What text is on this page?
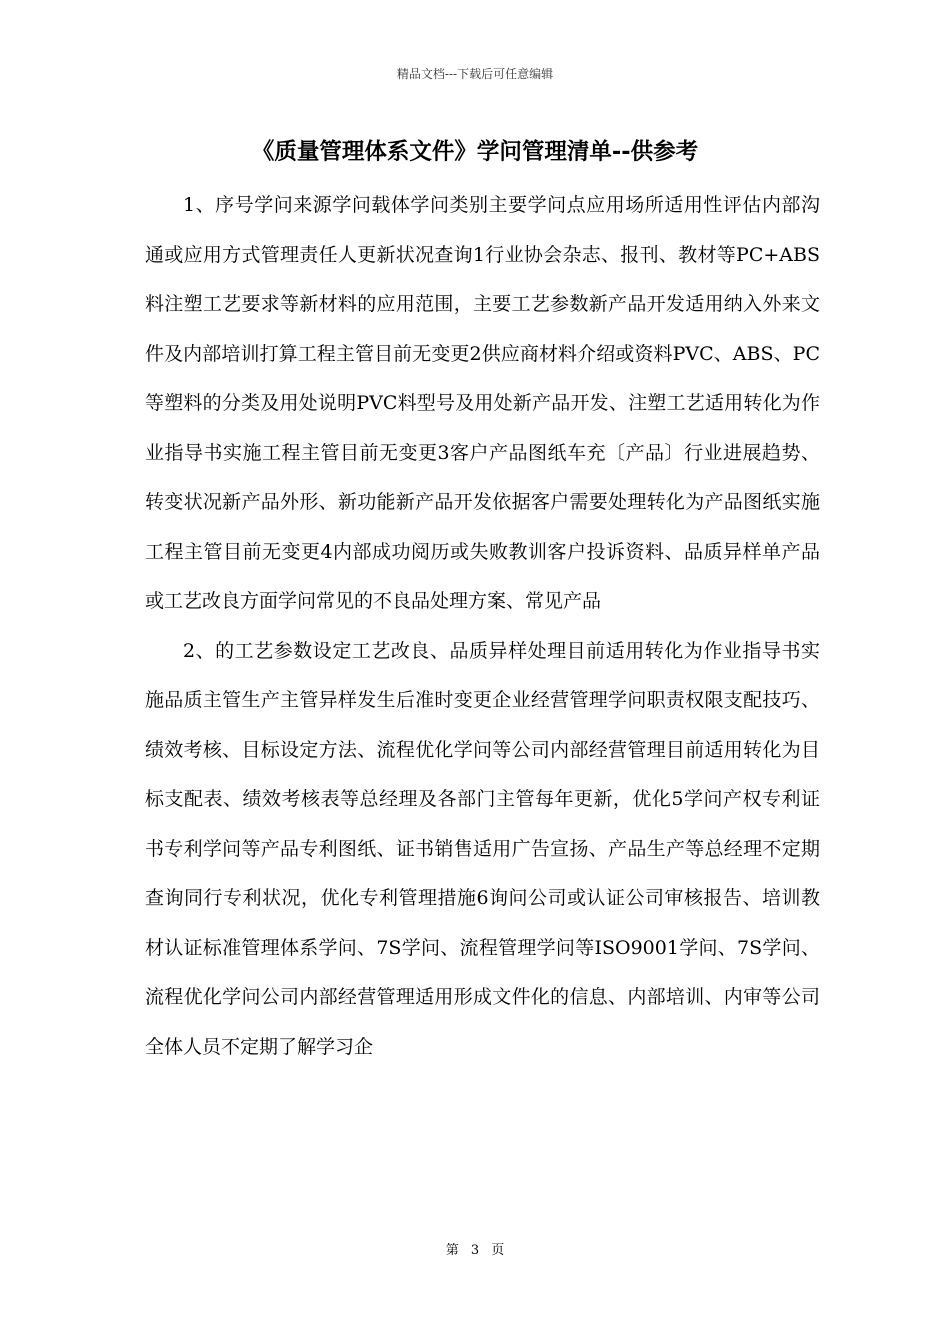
精品文档---下载后可任意编辑
《质量管理体系文件》学问管理清单--供参考

1、序号学问来源学问载体学问类别主要学问点应用场所适用性评估内部沟通或应用方式管理责任人更新状况查询1行业协会杂志、报刊、教材等PC+ABS料注塑工艺要求等新材料的应用范围，主要工艺参数新产品开发适用纳入外来文件及内部培训打算工程主管目前无变更2供应商材料介绍或资料PVC、ABS、PC等塑料的分类及用处说明PVC料型号及用处新产品开发、注塑工艺适用转化为作业指导书实施工程主管目前无变更3客户产品图纸车充〔产品〕行业进展趋势、转变状况新产品外形、新功能新产品开发依据客户需要处理转化为产品图纸实施工程主管目前无变更4内部成功阅历或失败教训客户投诉资料、品质异样单产品或工艺改良方面学问常见的不良品处理方案、常见产品

2、的工艺参数设定工艺改良、品质异样处理目前适用转化为作业指导书实施品质主管生产主管异样发生后准时变更企业经营管理学问职责权限支配技巧、绩效考核、目标设定方法、流程优化学问等公司内部经营管理目前适用转化为目标支配表、绩效考核表等总经理及各部门主管每年更新，优化5学问产权专利证书专利学问等产品专利图纸、证书销售适用广告宣扬、产品生产等总经理不定期查询同行专利状况，优化专利管理措施6询问公司或认证公司审核报告、培训教材认证标准管理体系学问、7S学问、流程管理学问等ISO9001学问、7S学问、流程优化学问公司内部经营管理适用形成文件化的信息、内部培训、内审等公司全体人员不定期了解学习企

第 3 页
